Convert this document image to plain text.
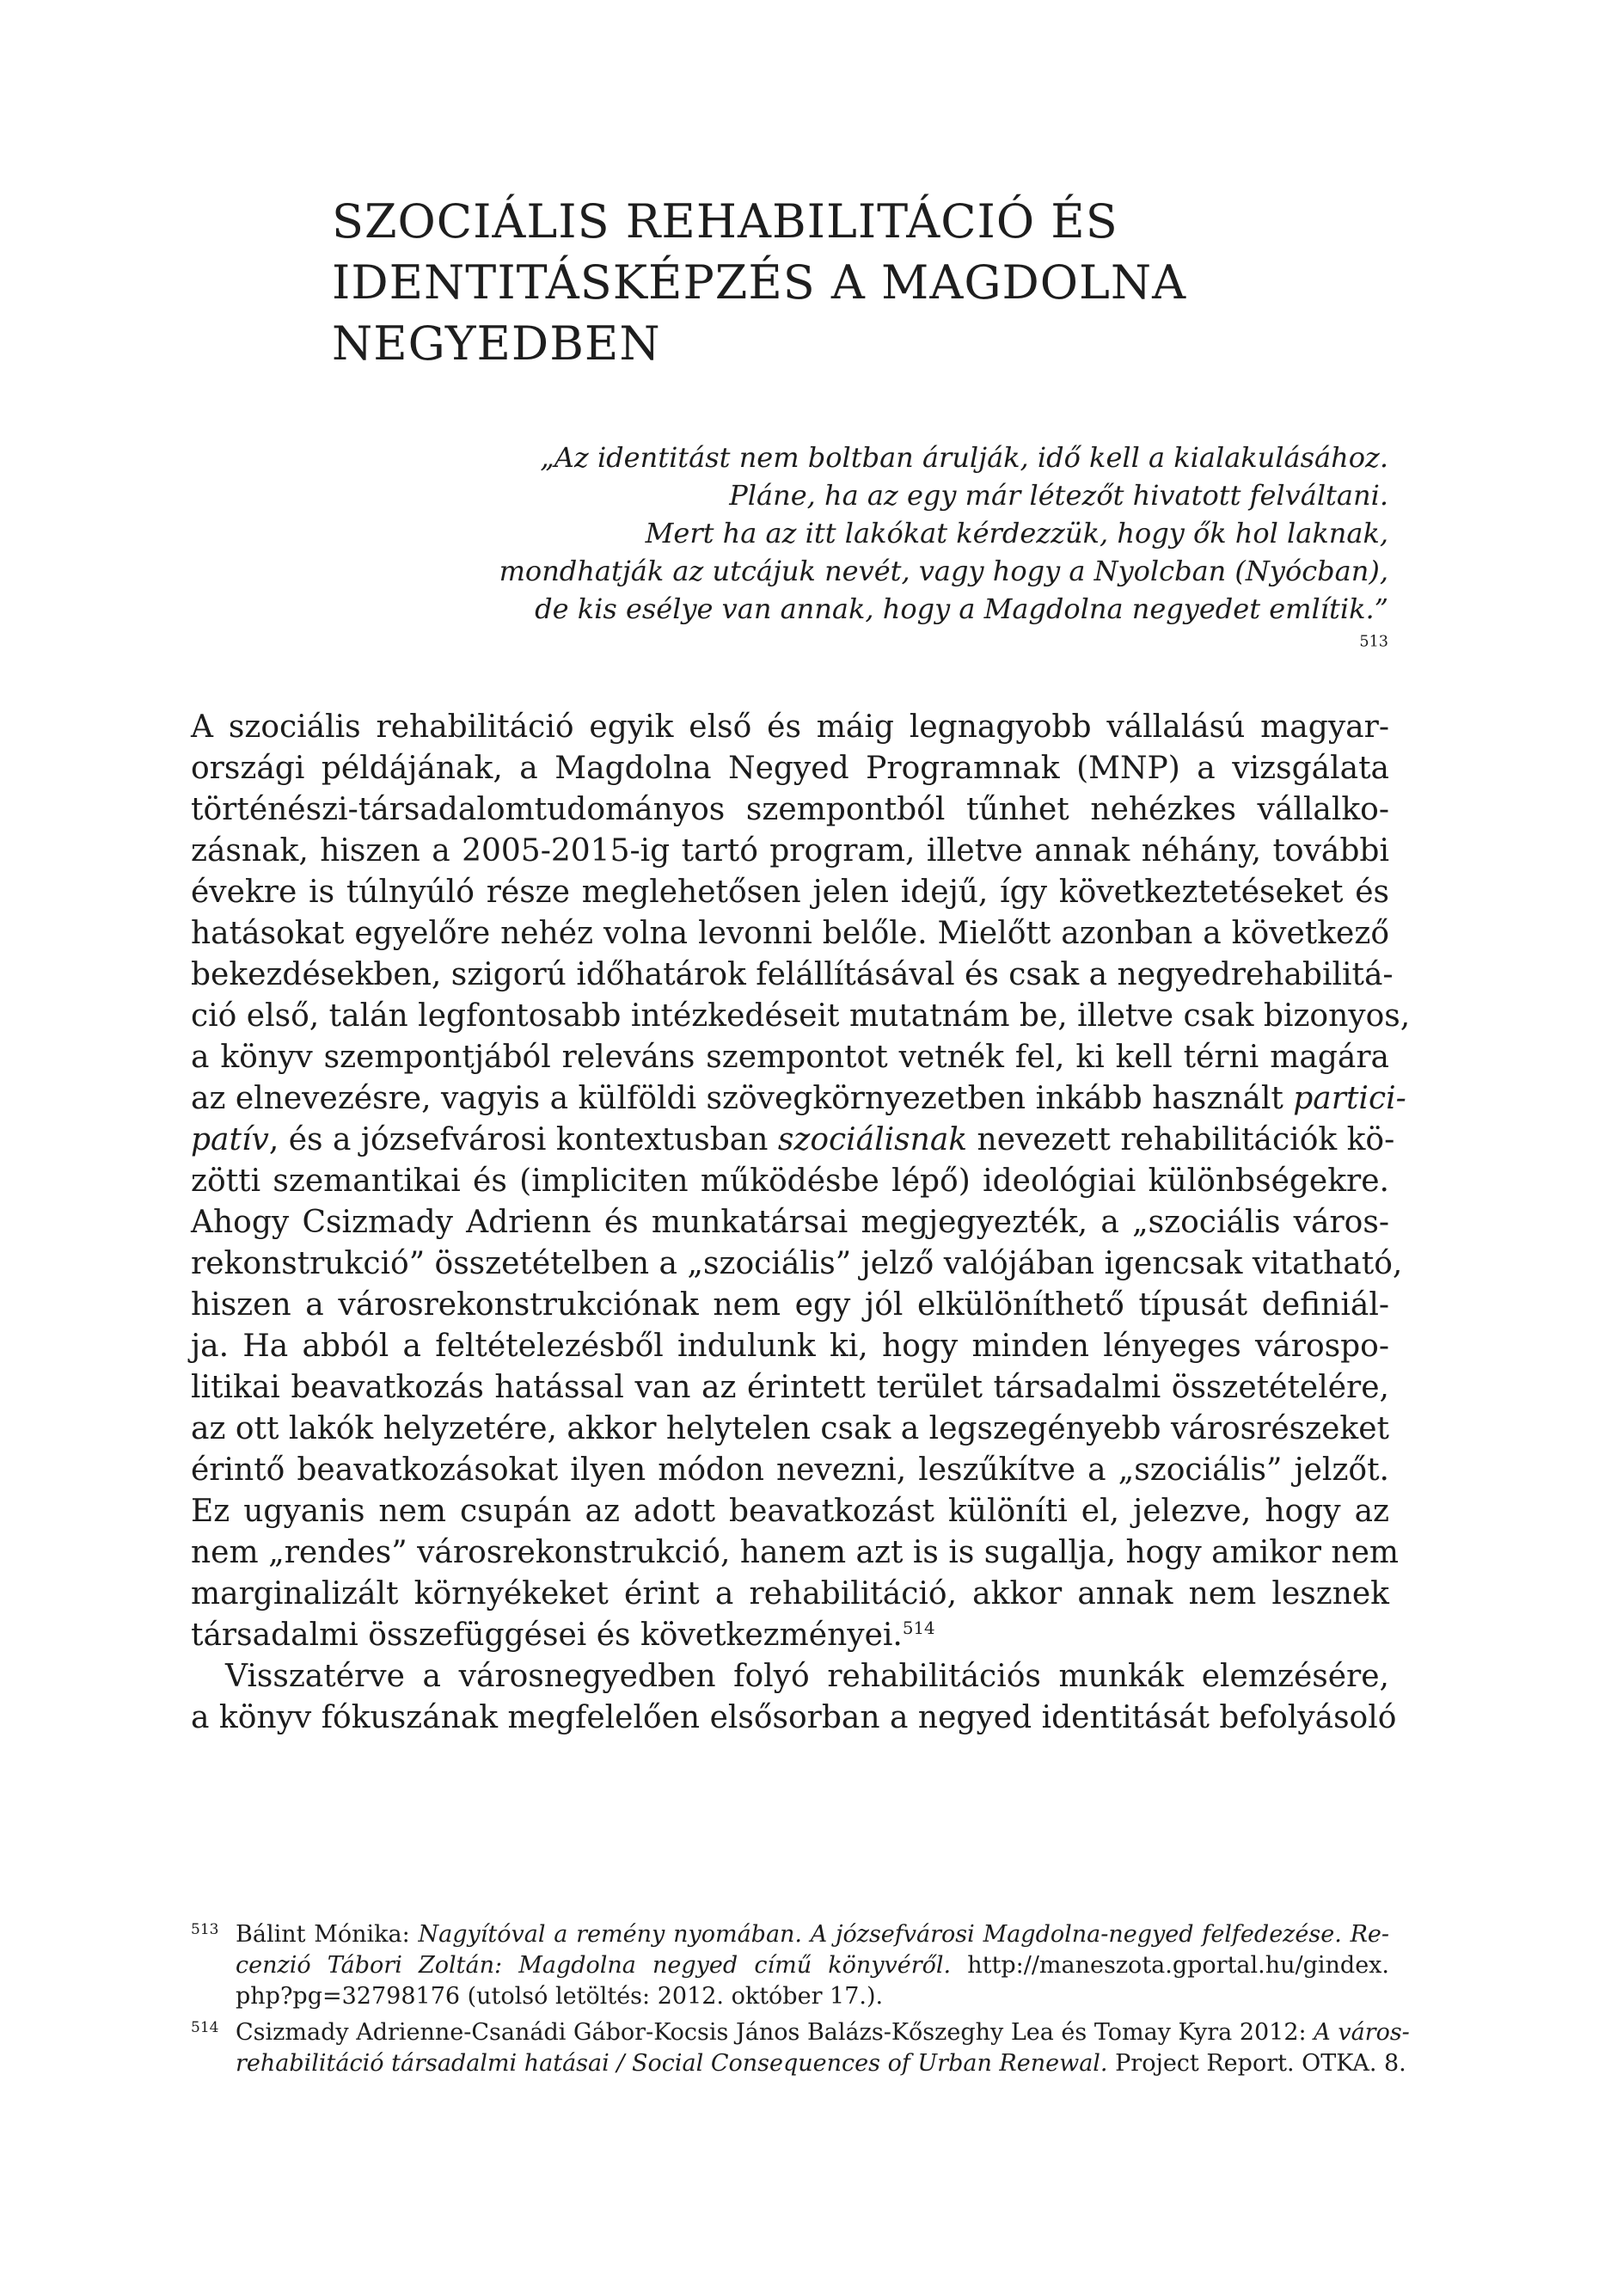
SZOCIÁLIS REHABILITÁCIÓ ÉS
IDENTITÁSKÉPZÉS A MAGDOLNA
NEGYEDBEN
„Az identitást nem boltban árulják, idő kell a kialakulásához.
Pláne, ha az egy már létezőt hivatott felváltani.
Mert ha az itt lakókat kérdezzük, hogy ők hol laknak,
mondhatják az utcájuk nevét, vagy hogy a Nyolcban (Nyócban),
de kis esélye van annak, hogy a Magdolna negyedet említik.”
$^{513}$
A szociális rehabilitáció egyik első és máig legnagyobb vállalású magyar-
országi példájának, a Magdolna Negyed Programnak (MNP) a vizsgálata
történészi-társadalomtudományos szempontból tűnhet nehézkes vállalko-
zásnak, hiszen a 2005-2015-ig tartó program, illetve annak néhány, további
évekre is túlnyúló része meglehetősen jelen idejű, így következtetéseket és
hatásokat egyelőre nehéz volna levonni belőle. Mielőtt azonban a következő
bekezdésekben, szigorú időhatárok felállításával és csak a negyedrehabilitá-
ció első, talán legfontosabb intézkedéseit mutatnám be, illetve csak bizonyos,
a könyv szempontjából releváns szempontot vetnék fel, ki kell térni magára
az elnevezésre, vagyis a külföldi szövegkörnyezetben inkább használt partici-
patív, és a józsefvárosi kontextusban szociálisnak nevezett rehabilitációk kö-
zötti szemantikai és (impliciten működésbe lépő) ideológiai különbségekre.
Ahogy Csizmady Adrienn és munkatársai megjegyezték, a „szociális város-
rekonstrukció” összetételben a „szociális” jelző valójában igencsak vitatható,
hiszen a városrekonstrukciónak nem egy jól elkülöníthető típusát definiál-
ja. Ha abból a feltételezésből indulunk ki, hogy minden lényeges várospo-
litikai beavatkozás hatással van az érintett terület társadalmi összetételére,
az ott lakók helyzetére, akkor helytelen csak a legszegényebb városrészeket
érintő beavatkozásokat ilyen módon nevezni, leszűkítve a „szociális” jelzőt.
Ez ugyanis nem csupán az adott beavatkozást különíti el, jelezve, hogy az
nem „rendes” városrekonstrukció, hanem azt is is sugallja, hogy amikor nem
marginalizált környékeket érint a rehabilitáció, akkor annak nem lesznek
társadalmi összefüggései és következményei.$^{514}$
Visszatérve a városnegyedben folyó rehabilitációs munkák elemzésére,
a könyv fókuszának megfelelően elsősorban a negyed identitását befolyásoló
513 Bálint Mónika: Nagyítóval a remény nyomában. A józsefvárosi Magdolna-negyed felfedezése. Re-
cenzió Tábori Zoltán: Magdolna negyed című könyvéről. http://maneszota.gportal.hu/gindex.
php?pg=32798176 (utolsó letöltés: 2012. október 17.).
514 Csizmady Adrienne-Csanádi Gábor-Kocsis János Balázs-Kőszeghy Lea és Tomay Kyra 2012: A város-
rehabilitáció társadalmi hatásai / Social Consequences of Urban Renewal. Project Report. OTKA. 8.
